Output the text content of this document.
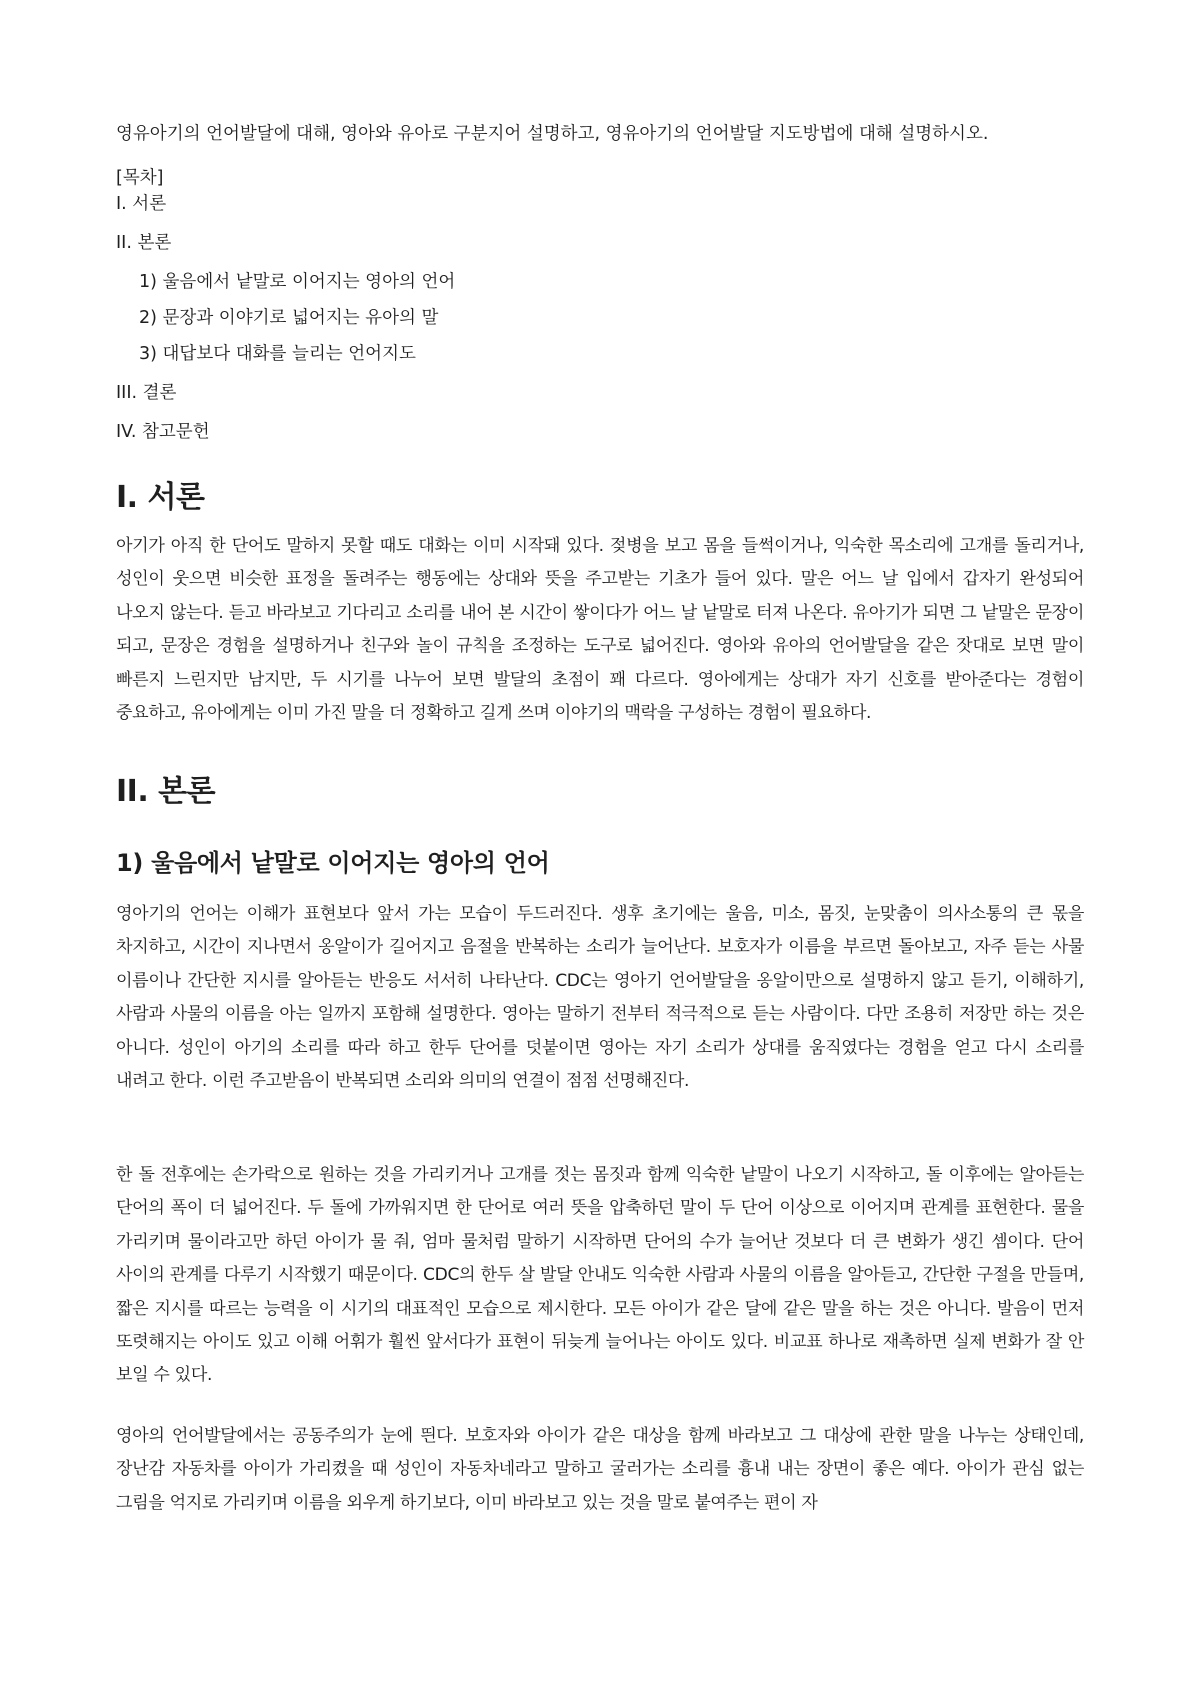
영유아기의 언어발달에 대해, 영아와 유아로 구분지어 설명하고, 영유아기의 언어발달 지도방법에 대해 설명하시오.

[목차]

I. 서론

II. 본론

1) 울음에서 낱말로 이어지는 영아의 언어

2) 문장과 이야기로 넓어지는 유아의 말

3) 대답보다 대화를 늘리는 언어지도

III. 결론

IV. 참고문헌

I. 서론

아기가 아직 한 단어도 말하지 못할 때도 대화는 이미 시작돼 있다. 젖병을 보고 몸을 들썩이거나, 익숙한 목소리에 고개를 돌리거나, 성인이 웃으면 비슷한 표정을 돌려주는 행동에는 상대와 뜻을 주고받는 기초가 들어 있다. 말은 어느 날 입에서 갑자기 완성되어 나오지 않는다. 듣고 바라보고 기다리고 소리를 내어 본 시간이 쌓이다가 어느 날 낱말로 터져 나온다. 유아기가 되면 그 낱말은 문장이 되고, 문장은 경험을 설명하거나 친구와 놀이 규칙을 조정하는 도구로 넓어진다. 영아와 유아의 언어발달을 같은 잣대로 보면 말이 빠른지 느린지만 남지만, 두 시기를 나누어 보면 발달의 초점이 꽤 다르다. 영아에게는 상대가 자기 신호를 받아준다는 경험이 중요하고, 유아에게는 이미 가진 말을 더 정확하고 길게 쓰며 이야기의 맥락을 구성하는 경험이 필요하다.

II. 본론
1) 울음에서 낱말로 이어지는 영아의 언어

영아기의 언어는 이해가 표현보다 앞서 가는 모습이 두드러진다. 생후 초기에는 울음, 미소, 몸짓, 눈맞춤이 의사소통의 큰 몫을 차지하고, 시간이 지나면서 옹알이가 길어지고 음절을 반복하는 소리가 늘어난다. 보호자가 이름을 부르면 돌아보고, 자주 듣는 사물 이름이나 간단한 지시를 알아듣는 반응도 서서히 나타난다. CDC는 영아기 언어발달을 옹알이만으로 설명하지 않고 듣기, 이해하기, 사람과 사물의 이름을 아는 일까지 포함해 설명한다. 영아는 말하기 전부터 적극적으로 듣는 사람이다. 다만 조용히 저장만 하는 것은 아니다. 성인이 아기의 소리를 따라 하고 한두 단어를 덧붙이면 영아는 자기 소리가 상대를 움직였다는 경험을 얻고 다시 소리를 내려고 한다. 이런 주고받음이 반복되면 소리와 의미의 연결이 점점 선명해진다.

한 돌 전후에는 손가락으로 원하는 것을 가리키거나 고개를 젓는 몸짓과 함께 익숙한 낱말이 나오기 시작하고, 돌 이후에는 알아듣는 단어의 폭이 더 넓어진다. 두 돌에 가까워지면 한 단어로 여러 뜻을 압축하던 말이 두 단어 이상으로 이어지며 관계를 표현한다. 물을 가리키며 물이라고만 하던 아이가 물 줘, 엄마 물처럼 말하기 시작하면 단어의 수가 늘어난 것보다 더 큰 변화가 생긴 셈이다. 단어 사이의 관계를 다루기 시작했기 때문이다. CDC의 한두 살 발달 안내도 익숙한 사람과 사물의 이름을 알아듣고, 간단한 구절을 만들며, 짧은 지시를 따르는 능력을 이 시기의 대표적인 모습으로 제시한다. 모든 아이가 같은 달에 같은 말을 하는 것은 아니다. 발음이 먼저 또렷해지는 아이도 있고 이해 어휘가 훨씬 앞서다가 표현이 뒤늦게 늘어나는 아이도 있다. 비교표 하나로 재촉하면 실제 변화가 잘 안 보일 수 있다.

영아의 언어발달에서는 공동주의가 눈에 띈다. 보호자와 아이가 같은 대상을 함께 바라보고 그 대상에 관한 말을 나누는 상태인데, 장난감 자동차를 아이가 가리켰을 때 성인이 자동차네라고 말하고 굴러가는 소리를 흉내 내는 장면이 좋은 예다. 아이가 관심 없는 그림을 억지로 가리키며 이름을 외우게 하기보다, 이미 바라보고 있는 것을 말로 붙여주는 편이 자
